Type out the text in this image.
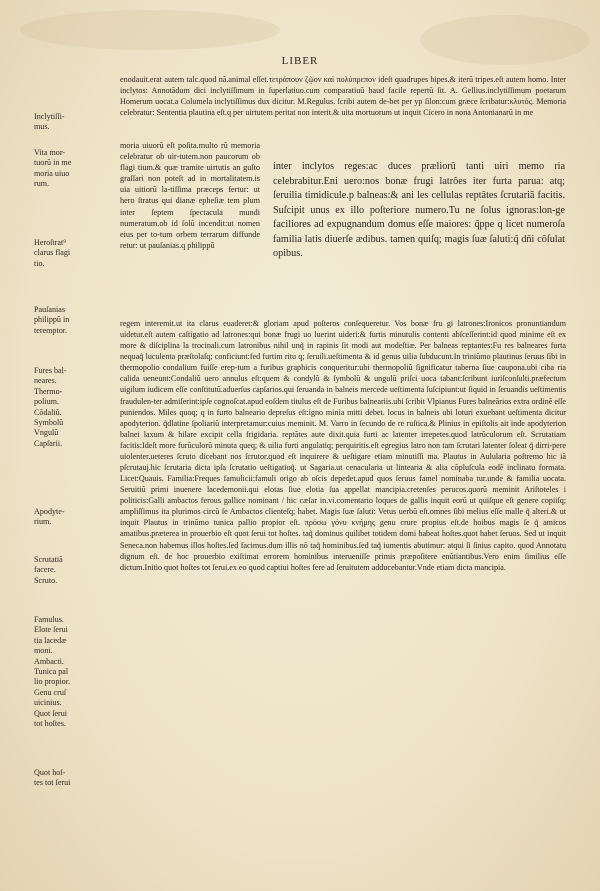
LIBER
Inclytiſſi-
mus.
Vita mor-
tuorũ in me
moria uiuo
rum.
Heroſtrat⁹
clarus flagi
tio.
Pauſanias
philippũ in
teremptor.
Fures bal-
neares.
Thermo-
polium.
Cõdaliũ.
Symbolũ
Vngulũ
Capſarii.
Apodyte-
rium.
Scrutatiã
facere.
Scruto.
Famulus.
Elote ſerui
tia lacedæ
moni.
Ambacti.
Tunica pal
lio propior.
Genu cruſ
uicinius.
Quot ſerui
tot hoſtes.
Quot hoſ-
tes tot ſerui

enodauit.erat autem talc.quod nã.animal eſſet.τετράπουν ζῷον καὶ πολύπρεπον ideſt quadrupes bipes.& iterũ tripes.eſt autem homo. Inter inclytos: Annotãdum dici inclytiſſimum in ſuperlatiuo.cum comparatiuũ haud facile repertũ ſit. A. Gellius.inclytiſſimum poetarum Homerum uocat.a Columela inclytiſſimus dux dicitur. M.Regulus. ſcribi autem de-bet per yp ſilon:cum græce ſcribatur:κλυτός. Memoria celebratur: Sententia plautina eſt.q per uirtutem peritat non interit.& uita mortuorum ut inquit Cicero in nona Antonianarũ in me

moria uiuorũ eſt poſita.multo rũ memoria celebratur ob uir-tutem.non paucorum ob flagi tium.& quæ tramite uirtutis an guſto graſſari non poteſt ad in mortalitatem.is uia uitiorũ la-tiſſima præceps fertur: ut hero ſtratus qui dianæ epheſiæ tem plum inter ſeptem ſpectacula mundi numeratum.ob id ſolũ incendit:ut nomen eius per to-tum orbem terrarum diffunde retur: ut pauſanias.q philippũ

inter inclytos reges:ac duces præliorũ tanti uiri memo ria celebrabitur.Eni uero:nos bonæ frugi latrões iter furta parua: atq; ſeruilia timidicule.p balneas:& ani les cellulas reptãtes ſcrutariã facitis. Suſcipit unus ex illo poſteriore numero.Tu ne ſolus ignoras:lon-ge faciliores ad expugnandum domus eſſe maiores: q̃ppe q licet numeroſa familia latis diuerſe ædibus. tamen quiſq; magis ſuæ ſaluti:q̃ dñi cõſulat opibus.

regem interemit.ut ita clarus euaderet:& gloriam apud poſteros conſequeretur. Vos bonæ fru gi latrones:Ironicos pronuntiandum uidetur.eſt autem caſtigatio ad latrones:qui bonæ frugi uo luerint uideri:& furtis minutulis contenti abſceſſerint:id quod minime eſt ex more & diſciplina la trocinali.cum latronibus nihil unq̃ in rapinis ſit modi aut modeſtiæ. Per balneas reptantes:Fu res balneares furta nequaq̃ luculenta præſtolaſq; conficiunt:fed furtim ritu q; ſeruili.ueſtimenta & id genus uilia ſubducunt.In triniũmo plautinus ſeruus ſibi in thermopolio condalium fuiſſe erep-tum a furibus graphicis conqueritur:ubi thermopoliũ ſignificatur taberna ſiue caupona.ubi ciba ria calida ueneunt:Condaliũ uero annulus eſt:quem & condylũ & ſymbolũ & ungulũ priſci uoca tabant:ſcribunt iuriſconſulti.præfectum uigilum iudicem eſſe conſtitutũ.aduerſus capſarios.qui ſeruanda in balneis mercede ueſtimenta ſuſcipiunt:ut ſiquid in ſeruandis ueſtimentis fraudulen-ter admiſerint:ipſe cognoſcat.apud eoſdem titulus eſt de Furibus balneariis.ubi ſcribit Vlpianus Fures balneãrios extra ordinẽ eſſe puniendos. Miles quoq; q in furto balneario depreſus eſt:igno minia mitti debet. locus in balneis ubi loturi exuebant ueſtimenta dicitur apodyterion. q̃dlatine ſpoliariũ interpretamur:cuius meminit. M. Varro in ſecundo de re ruſtica.& Plinius in epiſtolis ait inde apodyterion balnei laxum & hilare excipit cella frigidaria. reptãtes aute dixit.quia furti ac latenter irrepetes.quod latrũculorum eſt. Scrutatiam facitis:Ideſt more furũculorũ minuta queq; & uilia furti angulatiq; perquiritis.eſt egregius latro non tam ſcrutari latenter ſoleat q̃ dirri-pere uiolenter.ueteres ſcruto dicebant nos ſcrutor.quod eſt inquirere & ueſtigare etiam minutiſſi ma. Plautus in Aulularia poſtremo hic iã pſcrutauj.hic ſcrutaria dicta ipſa ſcrutatio ueſtigatioq̃. ut Sagaria.ut cenacularia ut lintearia & alia cõpluſcula eodẽ inclinatu formata. Licet:Quauis. Familia:Freques famulicii:famuli origo ab oſcis depedet.apud quos ſeruus famel nominaba tur.unde & familia uocata. Seruitiũ primi inuenere lacedemonii.qui elotas ſiue elotia ſua appellat mancipia.cretenſes perucos.quorũ meminit Ariſtoteles i politicis:Galli ambactos ferous gallice nominant / hic cæſar in.vi.comentario loques de gallis inquit eorũ ut quiſque eſt genere copiiſq; ampliſſimus ita plurimos circũ ſe Ambactos clienteſq; habet. Magis ſuæ ſaluti: Vetus uerbũ eſt.omnes ſibi melius eſſe malle q̃ alteri.& ut inquit Plautus in trinũmo tunica pallio propior eſt. πρόσω γόνυ κνήμης genu crure propius eſt.de hoibus magis ſe q̃ amicos amatibus.præterea in prouerbio eſt quot ſerui tot hoſtes. taq̃ dominus quilibet totidem domi habeat hoſtes.quot habet ſeruos. Sed ut inquit Seneca.non habemus illos hoſtes.ſed facimus.dum illis nõ taq̃ hominibus.ſed taq̃ iumentis abutimur: atqui ſi ſinius capito. quod Annotatu dignum eſt. de hoc prouerbio exiſtimat errorem hominibus interueniſſe primis præpoſitere enũtiantibus.Vero enim ſimilius eſſe dictum.Initio quot hoſtes tot ſerui.ex eo quod captiui hoſtes fere ad ſeruitutem adducebantur.Vnde etiam dicta mancipia.
